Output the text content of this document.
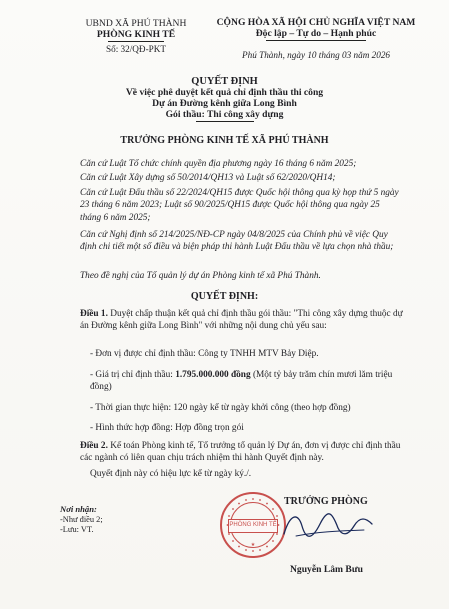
UBND XÃ PHÚ THÀNH
PHÒNG KINH TẾ
Số: 32/QĐ-PKT
CỘNG HÒA XÃ HỘI CHỦ NGHĨA VIỆT NAM
Độc lập – Tự do – Hạnh phúc
Phú Thành, ngày 10 tháng 03 năm 2026
QUYẾT ĐỊNH
Về việc phê duyệt kết quả chỉ định thầu thi công
Dự án Đường kênh giữa Long Bình
Gói thầu: Thi công xây dựng
TRƯỞNG PHÒNG KINH TẾ XÃ PHÚ THÀNH
Căn cứ Luật Tổ chức chính quyền địa phương ngày 16 tháng 6 năm 2025;
Căn cứ Luật Xây dựng số 50/2014/QH13 và Luật số 62/2020/QH14;
Căn cứ Luật Đấu thầu số 22/2024/QH15 được Quốc hội thông qua kỳ họp thứ 5 ngày 23 tháng 6 năm 2023; Luật số 90/2025/QH15 được Quốc hội thông qua ngày 25 tháng 6 năm 2025;
Căn cứ Nghị định số 214/2025/NĐ-CP ngày 04/8/2025 của Chính phủ về việc Quy định chi tiết một số điều và biện pháp thi hành Luật Đấu thầu về lựa chọn nhà thầu;
Theo đề nghị của Tổ quản lý dự án Phòng kinh tế xã Phú Thành.
QUYẾT ĐỊNH:
Điều 1. Duyệt chấp thuận kết quả chỉ định thầu gói thầu: "Thi công xây dựng thuộc dự án Đường kênh giữa Long Bình" với những nội dung chủ yếu sau:
- Đơn vị được chỉ định thầu: Công ty TNHH MTV Bảy Diệp.
- Giá trị chỉ định thầu: 1.795.000.000 đồng (Một tỷ bảy trăm chín mươi lăm triệu đồng)
- Thời gian thực hiện: 120 ngày kể từ ngày khởi công (theo hợp đồng)
- Hình thức hợp đồng: Hợp đồng trọn gói
Điều 2. Kế toán Phòng kinh tế, Tổ trưởng tổ quản lý Dự án, đơn vị được chỉ định thầu các ngành có liên quan chịu trách nhiệm thi hành Quyết định này.
Quyết định này có hiệu lực kể từ ngày ký./.
Nơi nhận:
-Như điều 2;
-Lưu: VT.
TRƯỞNG PHÒNG
★
PHÒNG KINH TẾ
Nguyễn Lâm Bưu
